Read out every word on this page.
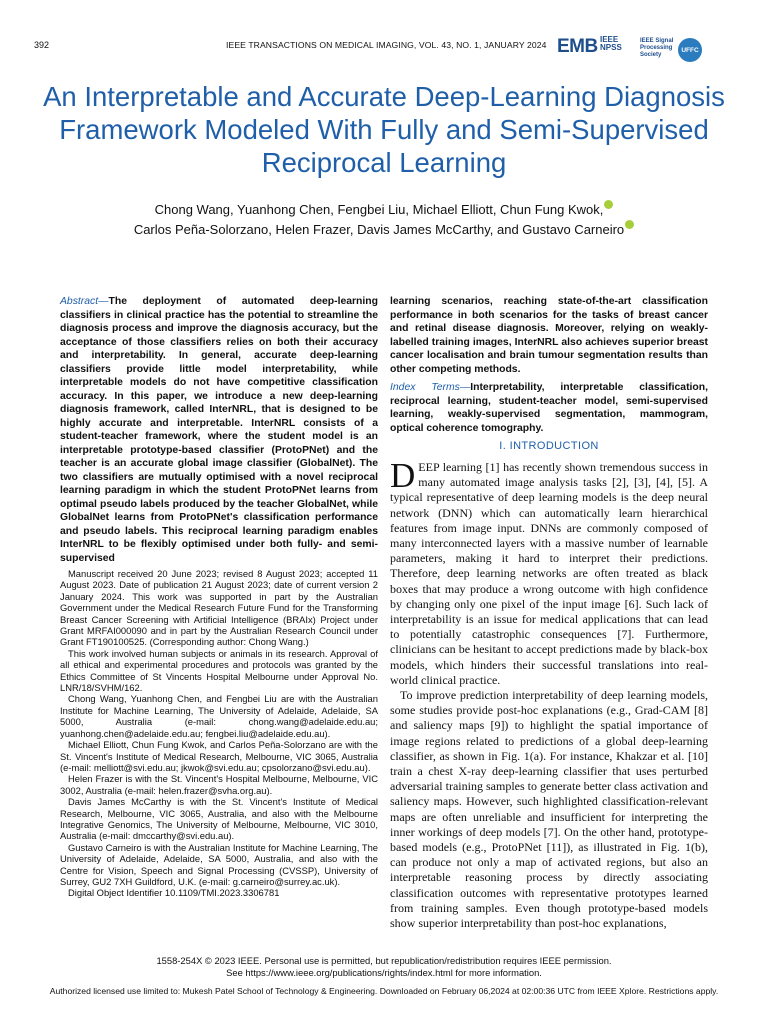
392	IEEE TRANSACTIONS ON MEDICAL IMAGING, VOL. 43, NO. 1, JANUARY 2024 EMB IEEE NPSS
IEEE Signal Processing Society
UFFC
An Interpretable and Accurate Deep-Learning Diagnosis Framework Modeled With Fully and Semi-Supervised Reciprocal Learning
Chong Wang, Yuanhong Chen, Fengbei Liu, Michael Elliott, Chun Fung Kwok,
Carlos Peña-Solorzano, Helen Frazer, Davis James McCarthy, and Gustavo Carneiro
Abstract—The deployment of automated deep-learning classifiers in clinical practice has the potential to streamline the diagnosis process and improve the diagnosis accuracy, but the acceptance of those classifiers relies on both their accuracy and interpretability. In general, accurate deep-learning classifiers provide little model interpretability, while interpretable models do not have competitive classification accuracy. In this paper, we introduce a new deep-learning diagnosis framework, called InterNRL, that is designed to be highly accurate and interpretable. InterNRL consists of a student-teacher framework, where the student model is an interpretable prototype-based classifier (ProtoPNet) and the teacher is an accurate global image classifier (GlobalNet). The two classifiers are mutually optimised with a novel reciprocal learning paradigm in which the student ProtoPNet learns from optimal pseudo labels produced by the teacher GlobalNet, while GlobalNet learns from ProtoPNet's classification performance and pseudo labels. This reciprocal learning paradigm enables InterNRL to be flexibly optimised under both fully- and semi-supervised
learning scenarios, reaching state-of-the-art classification performance in both scenarios for the tasks of breast cancer and retinal disease diagnosis. Moreover, relying on weakly-labelled training images, InterNRL also achieves superior breast cancer localisation and brain tumour segmentation results than other competing methods.
Index Terms—Interpretability, interpretable classification, reciprocal learning, student-teacher model, semi-supervised learning, weakly-supervised segmentation, mammogram, optical coherence tomography.
I. INTRODUCTION

DEEP learning [1] has recently shown tremendous success in many automated image analysis tasks [2], [3], [4], [5]. A typical representative of deep learning models is the deep neural network (DNN) which can automatically learn hierarchical features from image input. DNNs are commonly composed of many interconnected layers with a massive number of learnable parameters, making it hard to interpret their predictions. Therefore, deep learning networks are often treated as black boxes that may produce a wrong outcome with high confidence by changing only one pixel of the input image [6]. Such lack of interpretability is an issue for medical applications that can lead to potentially catastrophic consequences [7]. Furthermore, clinicians can be hesitant to accept predictions made by black-box models, which hinders their successful translations into real-world clinical practice.

To improve prediction interpretability of deep learning models, some studies provide post-hoc explanations (e.g., Grad-CAM [8] and saliency maps [9]) to highlight the spatial importance of image regions related to predictions of a global deep-learning classifier, as shown in Fig. 1(a). For instance, Khakzar et al. [10] train a chest X-ray deep-learning classifier that uses perturbed adversarial training samples to generate better class activation and saliency maps. However, such highlighted classification-relevant maps are often unreliable and insufficient for interpreting the inner workings of deep models [7]. On the other hand, prototype-based models (e.g., ProtoPNet [11]), as illustrated in Fig. 1(b), can produce not only a map of activated regions, but also an interpretable reasoning process by directly associating classification outcomes with representative prototypes learned from training samples. Even though prototype-based models show superior interpretability than post-hoc explanations,

Manuscript received 20 June 2023; revised 8 August 2023; accepted 11 August 2023. Date of publication 21 August 2023; date of current version 2 January 2024. This work was supported in part by the Australian Government under the Medical Research Future Fund for the Transforming Breast Cancer Screening with Artificial Intelligence (BRAIx) Project under Grant MRFAI000090 and in part by the Australian Research Council under Grant FT190100525. (Corresponding author: Chong Wang.)

This work involved human subjects or animals in its research. Approval of all ethical and experimental procedures and protocols was granted by the Ethics Committee of St Vincents Hospital Melbourne under Approval No. LNR/18/SVHM/162.

Chong Wang, Yuanhong Chen, and Fengbei Liu are with the Australian Institute for Machine Learning, The University of Adelaide, Adelaide, SA 5000, Australia (e-mail: chong.wang@adelaide.edu.au; yuanhong.chen@adelaide.edu.au; fengbei.liu@adelaide.edu.au).

Michael Elliott, Chun Fung Kwok, and Carlos Peña-Solorzano are with the St. Vincent's Institute of Medical Research, Melbourne, VIC 3065, Australia (e-mail: melliott@svi.edu.au; jkwok@svi.edu.au; cpsolorzano@svi.edu.au).

Helen Frazer is with the St. Vincent's Hospital Melbourne, Melbourne, VIC 3002, Australia (e-mail: helen.frazer@svha.org.au).

Davis James McCarthy is with the St. Vincent's Institute of Medical Research, Melbourne, VIC 3065, Australia, and also with the Melbourne Integrative Genomics, The University of Melbourne, Melbourne, VIC 3010, Australia (e-mail: dmccarthy@svi.edu.au).

Gustavo Carneiro is with the Australian Institute for Machine Learning, The University of Adelaide, Adelaide, SA 5000, Australia, and also with the Centre for Vision, Speech and Signal Processing (CVSSP), University of Surrey, GU2 7XH Guildford, U.K. (e-mail: g.carneiro@surrey.ac.uk).

Digital Object Identifier 10.1109/TMI.2023.3306781

1558-254X © 2023 IEEE. Personal use is permitted, but republication/redistribution requires IEEE permission.
See https://www.ieee.org/publications/rights/index.html for more information.
Authorized licensed use limited to: Mukesh Patel School of Technology & Engineering. Downloaded on February 06,2024 at 02:00:36 UTC from IEEE Xplore. Restrictions apply.
